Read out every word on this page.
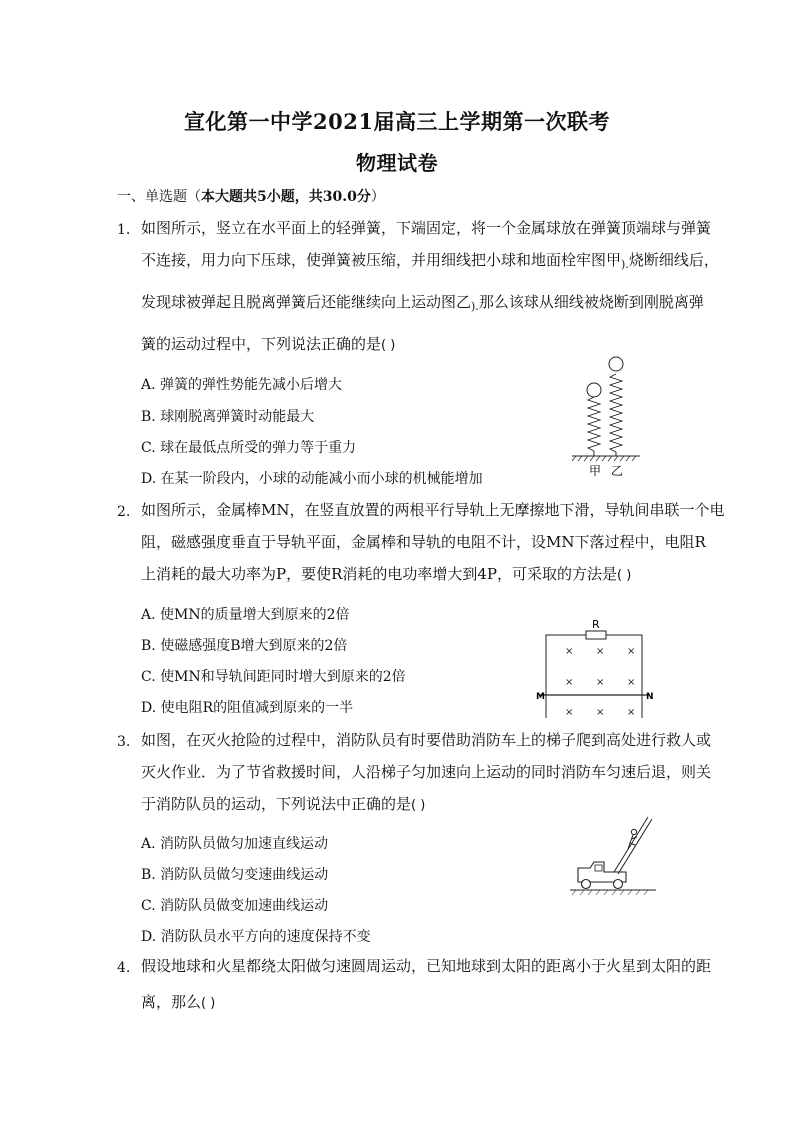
宣化第一中学2021届高三上学期第一次联考
物理试卷
一、单选题（本大题共5小题，共30.0分）
1. 如图所示，竖立在水平面上的轻弹簧，下端固定，将一个金属球放在弹簧顶端球与弹簧
不连接，用力向下压球，使弹簧被压缩，并用细线把小球和地面栓牢图甲$_{).}$烧断细线后，
发现球被弹起且脱离弹簧后还能继续向上运动图乙$_{).}$那么该球从细线被烧断到刚脱离弹
簧的运动过程中，下列说法正确的是( )
A. 弹簧的弹性势能先减小后增大
B. 球刚脱离弹簧时动能最大
C. 球在最低点所受的弹力等于重力
D. 在某一阶段内，小球的动能减小而小球的机械能增加	甲 乙
2. 如图所示，金属棒MN，在竖直放置的两根平行导轨上无摩擦地下滑，导轨间串联一个电
阻，磁感强度垂直于导轨平面，金属棒和导轨的电阻不计，设MN下落过程中，电阻R
上消耗的最大功率为P，要使R消耗的电功率增大到4P，可采取的方法是( )
A. 使MN的质量增大到原来的2倍
B. 使磁感强度B增大到原来的2倍
C. 使MN和导轨间距同时增大到原来的2倍
D. 使电阻R的阻值减到原来的一半
R
M	N
× × ×
× × ×
× × ×
3. 如图，在灭火抢险的过程中，消防队员有时要借助消防车上的梯子爬到高处进行救人或
灭火作业．为了节省救援时间，人沿梯子匀加速向上运动的同时消防车匀速后退，则关
于消防队员的运动，下列说法中正确的是( )
A. 消防队员做匀加速直线运动
B. 消防队员做匀变速曲线运动
C. 消防队员做变加速曲线运动
D. 消防队员水平方向的速度保持不变
4. 假设地球和火星都绕太阳做匀速圆周运动，已知地球到太阳的距离小于火星到太阳的距
离，那么( )
